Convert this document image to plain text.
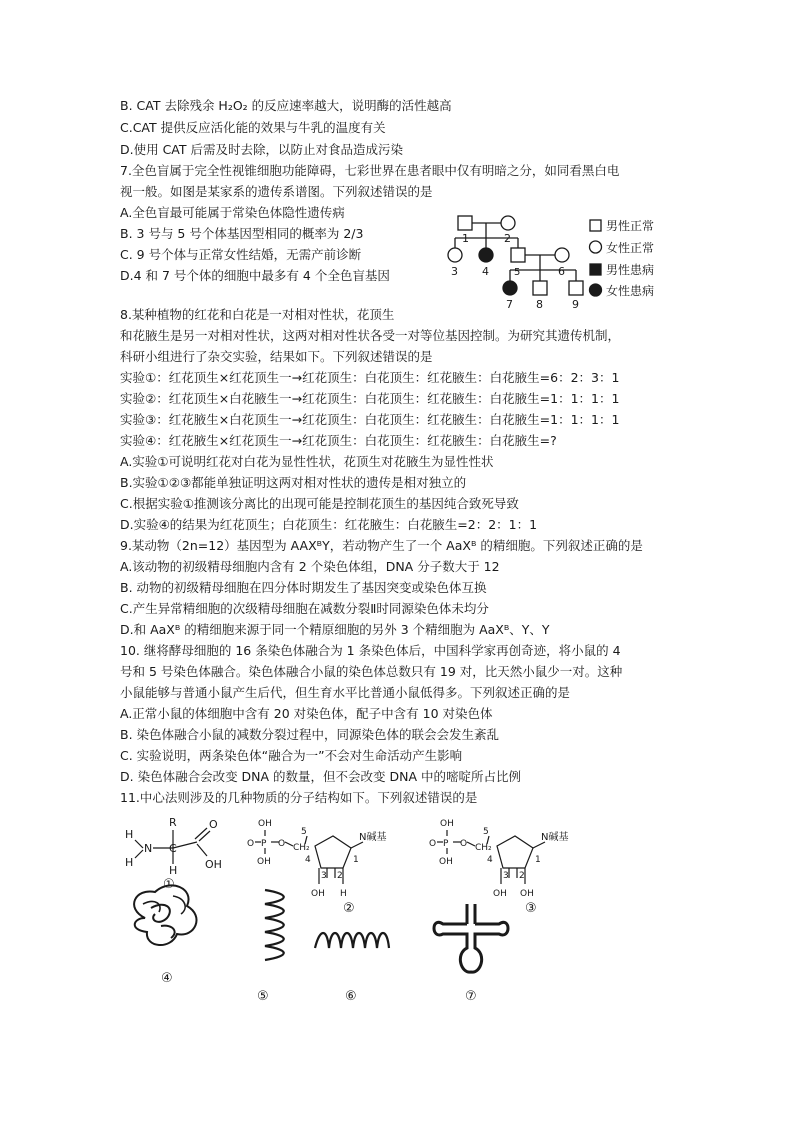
B. CAT 去除残余 H₂O₂ 的反应速率越大，说明酶的活性越高
C.CAT 提供反应活化能的效果与牛乳的温度有关
D.使用 CAT 后需及时去除，以防止对食品造成污染
7.全色盲属于完全性视锥细胞功能障碍，七彩世界在患者眼中仅有明暗之分，如同看黑白电
视一般。如图是某家系的遗传系谱图。下列叙述错误的是
A.全色盲最可能属于常染色体隐性遗传病
B. 3 号与 5 号个体基因型相同的概率为 2/3
C. 9 号个体与正常女性结婚，无需产前诊断
D.4 和 7 号个体的细胞中最多有 4 个全色盲基因
1	2
3 4	5	6
7 8	9
男性正常
女性正常
男性患病
女性患病
8.某种植物的红花和白花是一对相对性状，花顶生
和花腋生是另一对相对性状，这两对相对性状各受一对等位基因控制。为研究其遗传机制，
科研小组进行了杂交实验，结果如下。下列叙述错误的是
实验①：红花顶生×红花顶生一→红花顶生：白花顶生：红花腋生：白花腋生=6：2：3：1
实验②：红花顶生×白花腋生一→红花顶生：白花顶生：红花腋生：白花腋生=1：1：1：1
实验③：红花腋生×白花顶生一→红花顶生：白花顶生：红花腋生：白花腋生=1：1：1：1
实验④：红花腋生×红花顶生一→红花顶生：白花顶生：红花腋生：白花腋生=?
A.实验①可说明红花对白花为显性性状，花顶生对花腋生为显性性状
B.实验①②③都能单独证明这两对相对性状的遗传是相对独立的
C.根据实验①推测该分离比的出现可能是控制花顶生的基因纯合致死导致
D.实验④的结果为红花顶生；白花顶生：红花腋生：白花腋生=2：2：1：1
9.某动物（2n=12）基因型为 AAXᴮY，若动物产生了一个 AaXᴮ 的精细胞。下列叙述正确的是
A.该动物的初级精母细胞内含有 2 个染色体组，DNA 分子数大于 12
B. 动物的初级精母细胞在四分体时期发生了基因突变或染色体互换
C.产生异常精细胞的次级精母细胞在减数分裂Ⅱ时同源染色体未均分
D.和 AaXᴮ 的精细胞来源于同一个精原细胞的另外 3 个精细胞为 AaXᴮ、Y、Y
10. 继将酵母细胞的 16 条染色体融合为 1 条染色体后，中国科学家再创奇迹，将小鼠的 4
号和 5 号染色体融合。染色体融合小鼠的染色体总数只有 19 对，比天然小鼠少一对。这种
小鼠能够与普通小鼠产生后代，但生育水平比普通小鼠低得多。下列叙述正确的是
A.正常小鼠的体细胞中含有 20 对染色体，配子中含有 10 对染色体
B. 染色体融合小鼠的减数分裂过程中，同源染色体的联会会发生紊乱
C. 实验说明，两条染色体“融合为一”不会对生命活动产生影响
D. 染色体融合会改变 DNA 的数量，但不会改变 DNA 中的嘧啶所占比例
11.中心法则涉及的几种物质的分子结构如下。下列叙述错误的是
R
H
N C
O
OH
H
H
OH
O P O
OH
CH₂
5	N碱基
4	1
3 2
OH H
OH
O P O
OH
CH₂
5	N碱基
4	1
3 2
OH OH
①
②	③
④
⑤	⑥	⑦
